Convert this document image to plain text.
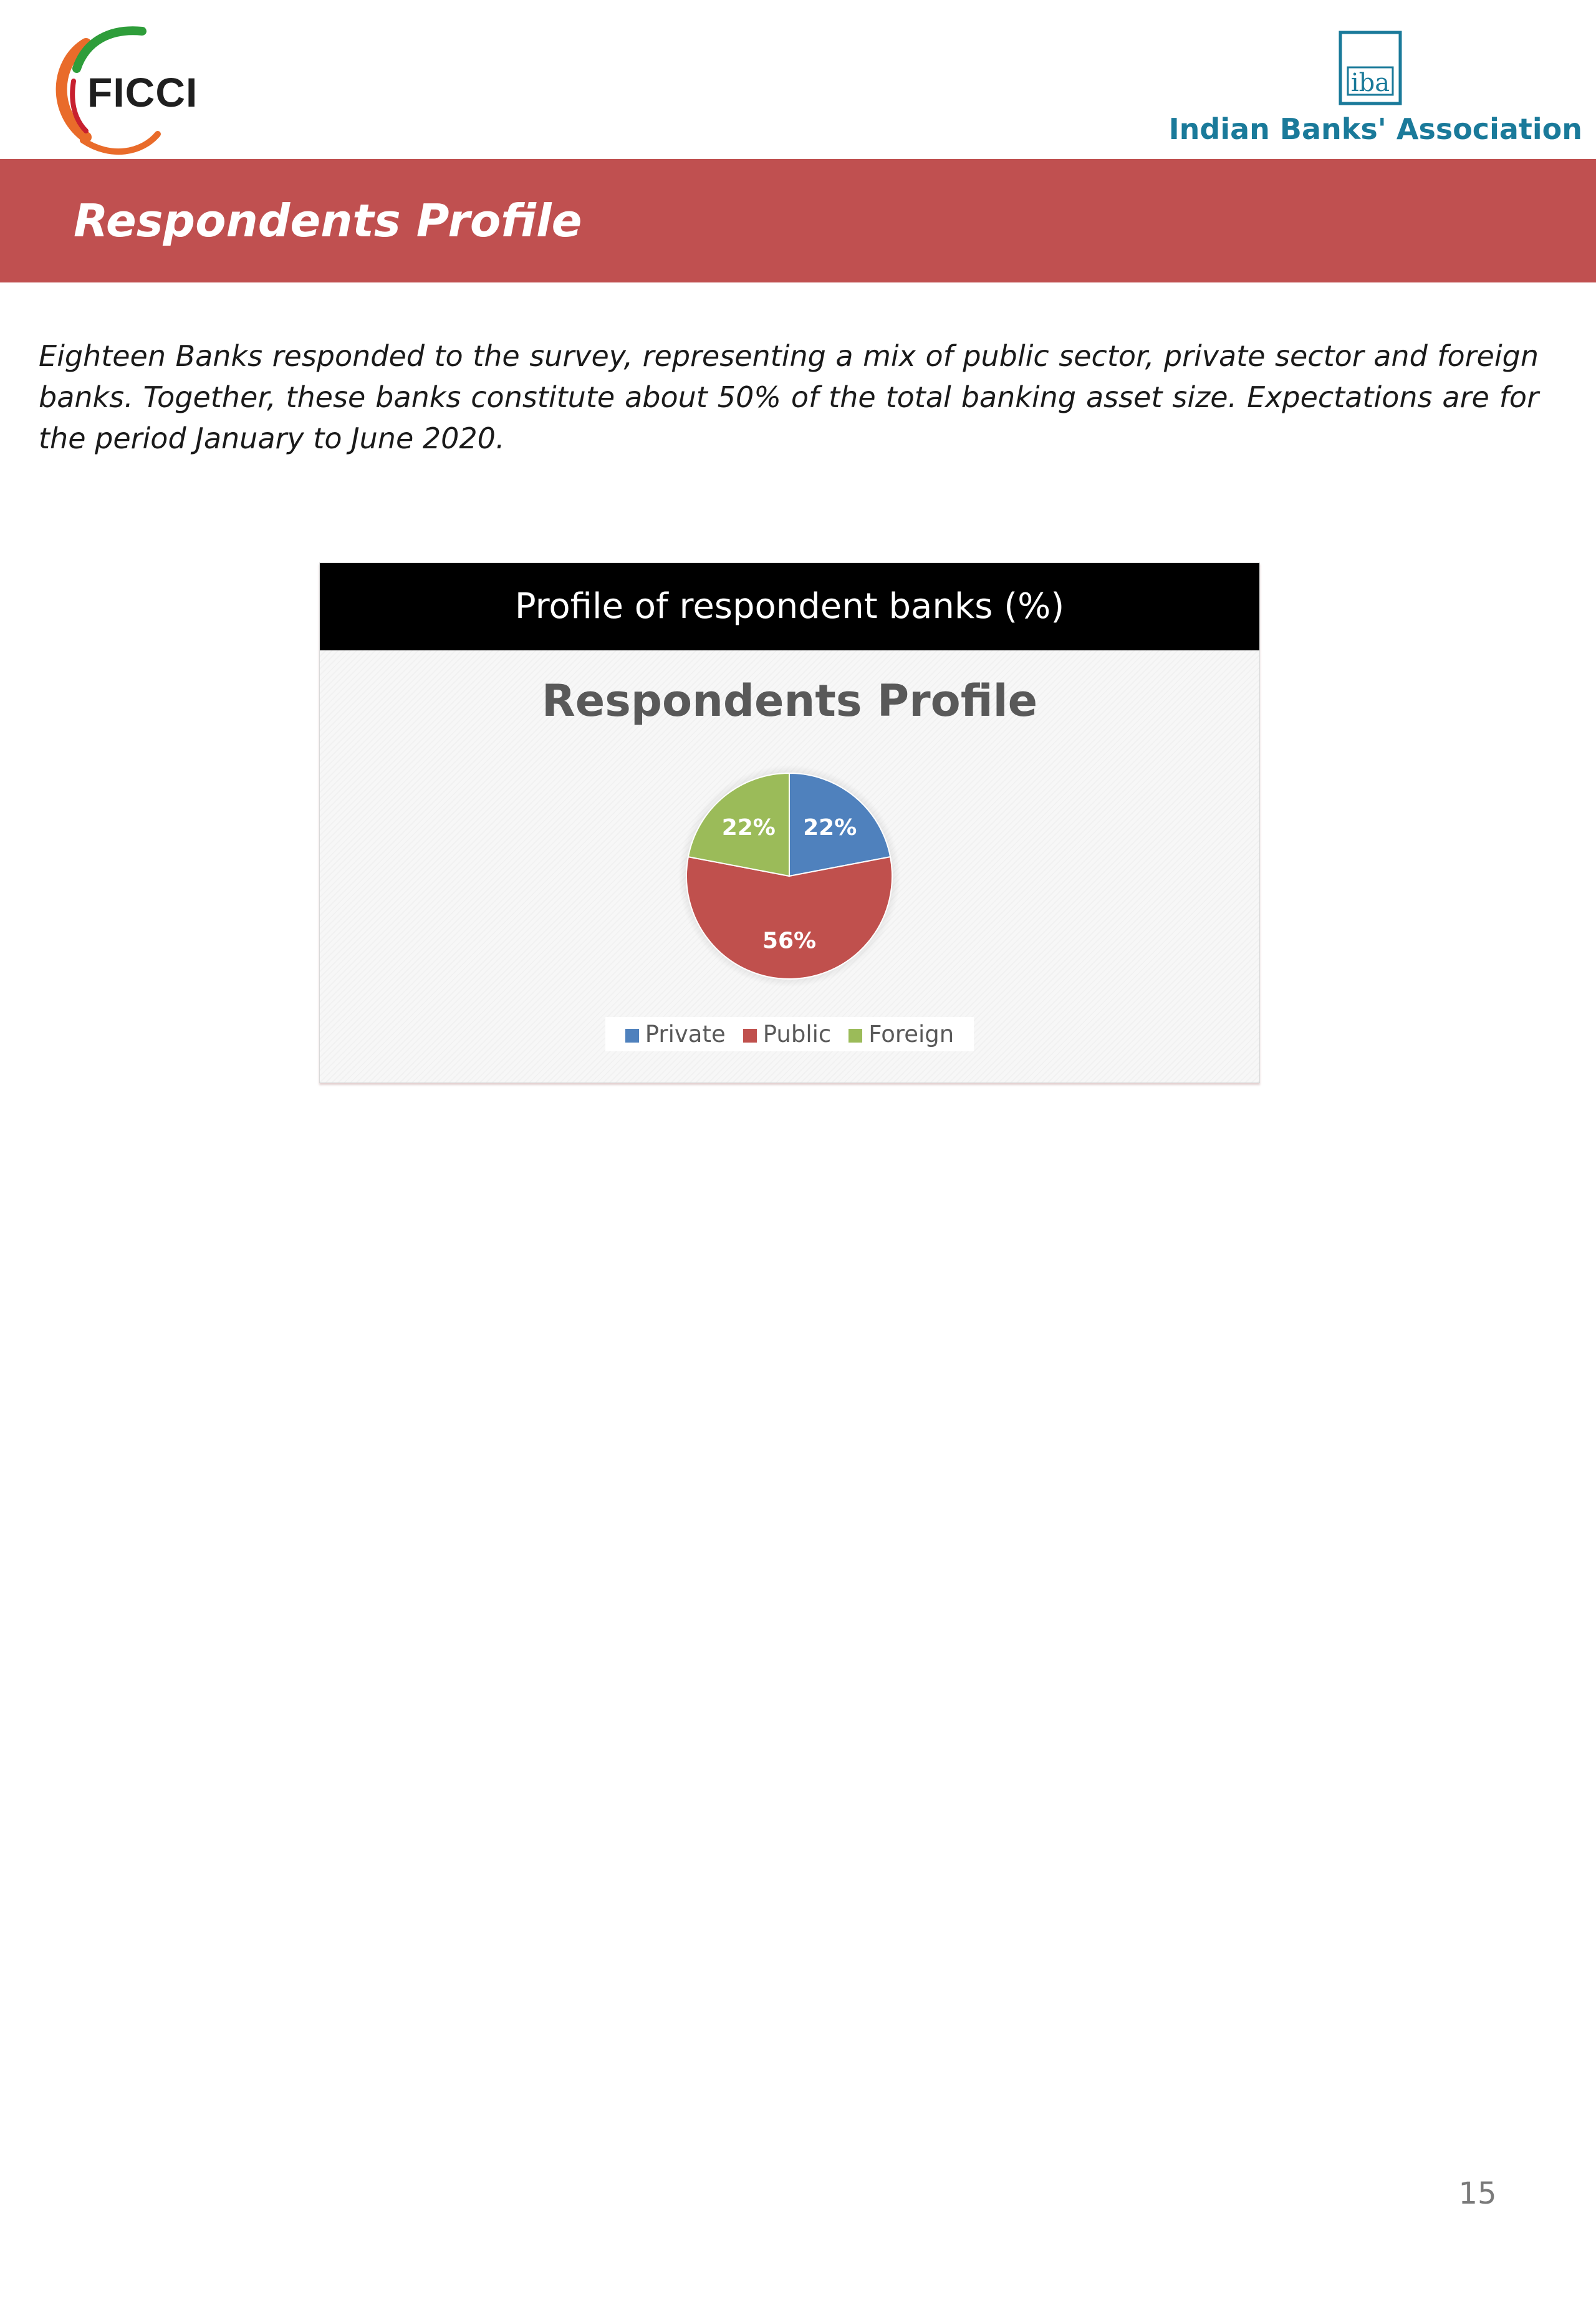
FICCI	iba
Indian Banks' Association
Respondents Profile
Eighteen Banks responded to the survey, representing a mix of public sector, private sector and foreign banks. Together, these banks constitute about 50% of the total banking asset size. Expectations are for the period January to June 2020.
Profile of respondent banks (%)
Respondents Profile
22%
56%
22%
Private Public Foreign
15
